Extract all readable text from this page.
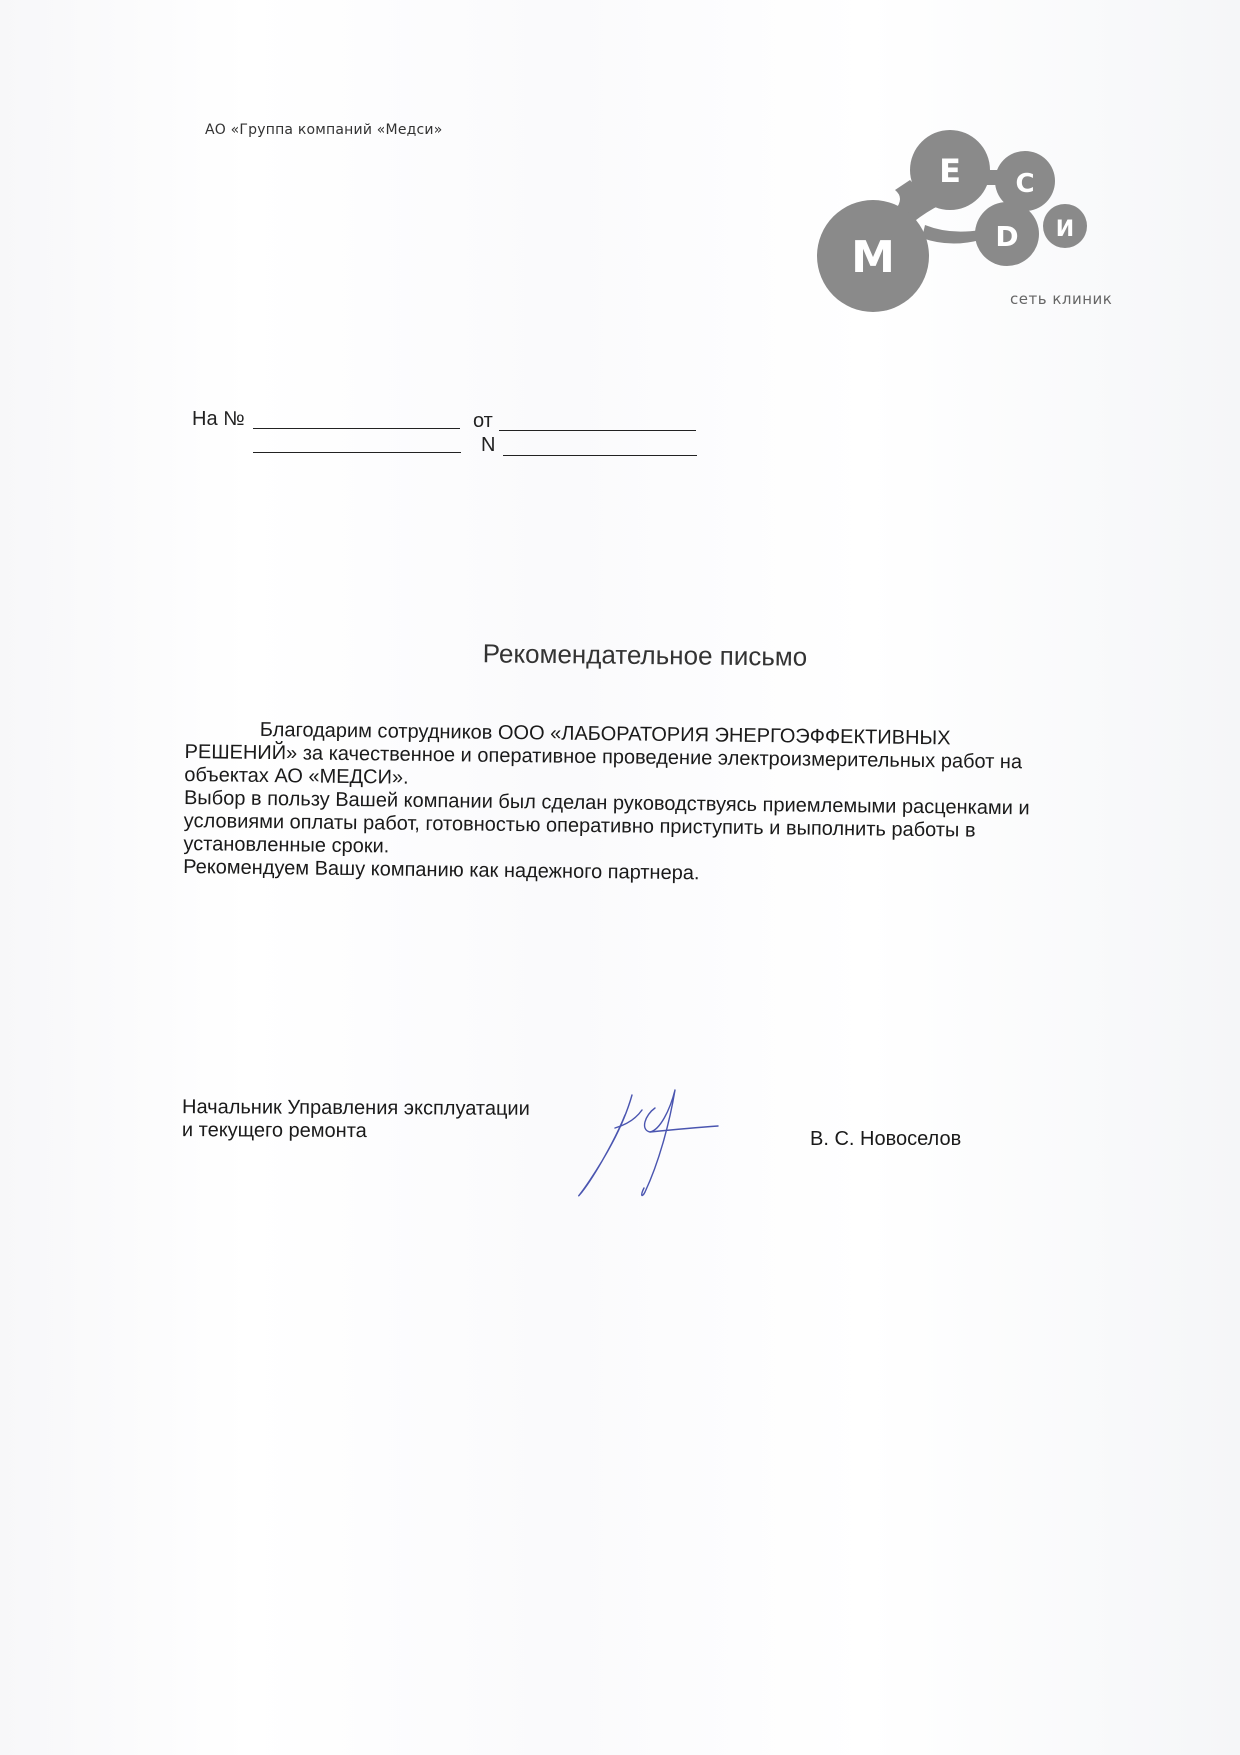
АО «Группа компаний «Медси»
Е С
D И
М
сеть клиник
На №	от
N
Рекомендательное письмо

Благодарим сотрудников ООО «ЛАБОРАТОРИЯ ЭНЕРГОЭФФЕКТИВНЫХ РЕШЕНИЙ» за качественное и оперативное проведение электроизмерительных работ на объектах АО «МЕДСИ».

Выбор в пользу Вашей компании был сделан руководствуясь приемлемыми расценками и условиями оплаты работ, готовностью оперативно приступить и выполнить работы в установленные сроки.

Рекомендуем Вашу компанию как надежного партнера.

Начальник Управления эксплуатации
и текущего ремонта	В. С. Новоселов
